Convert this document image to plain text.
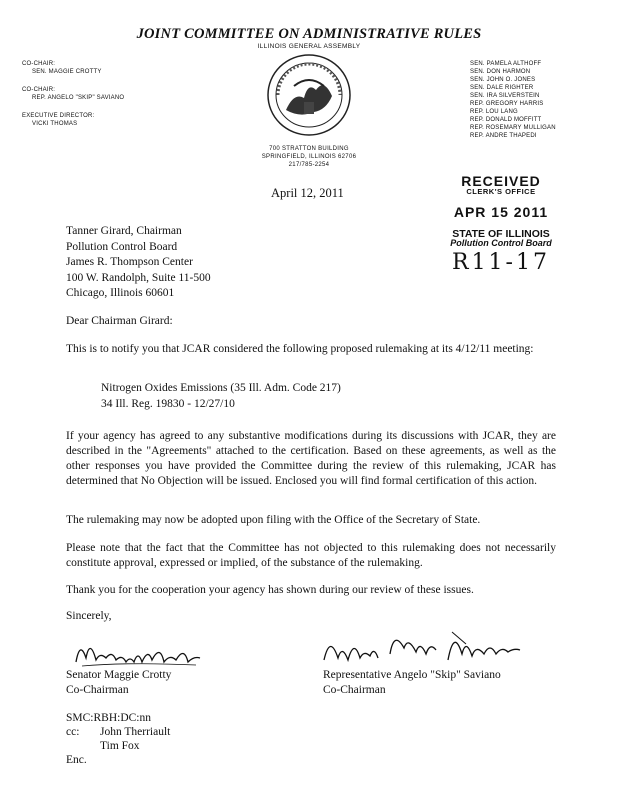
JOINT COMMITTEE ON ADMINISTRATIVE RULES
ILLINOIS GENERAL ASSEMBLY
CO-CHAIR:
SEN. MAGGIE CROTTY
CO-CHAIR:
REP. ANGELO "SKIP" SAVIANO
EXECUTIVE DIRECTOR:
VICKI THOMAS
SEN. PAMELA ALTHOFF
SEN. DON HARMON
SEN. JOHN O. JONES
SEN. DALE RIGHTER
SEN. IRA SILVERSTEIN
REP. GREGORY HARRIS
REP. LOU LANG
REP. DONALD MOFFITT
REP. ROSEMARY MULLIGAN
REP. ANDRE THAPEDI
700 STRATTON BUILDING
SPRINGFIELD, ILLINOIS 62706
217/785-2254
April 12, 2011
RECEIVED
CLERK'S OFFICE
APR 15 2011
STATE OF ILLINOIS
Pollution Control Board
R11-17
Tanner Girard, Chairman
Pollution Control Board
James R. Thompson Center
100 W. Randolph, Suite 11-500
Chicago, Illinois 60601
Dear Chairman Girard:

This is to notify you that JCAR considered the following proposed rulemaking at its 4/12/11 meeting:

Nitrogen Oxides Emissions (35 Ill. Adm. Code 217)
34 Ill. Reg. 19830 - 12/27/10

If your agency has agreed to any substantive modifications during its discussions with JCAR, they are described in the "Agreements" attached to the certification. Based on these agreements, as well as the other responses you have provided the Committee during the review of this rulemaking, JCAR has determined that No Objection will be issued. Enclosed you will find formal certification of this action.

The rulemaking may now be adopted upon filing with the Office of the Secretary of State.

Please note that the fact that the Committee has not objected to this rulemaking does not necessarily constitute approval, expressed or implied, of the substance of the rulemaking.

Thank you for the cooperation your agency has shown during our review of these issues.

Sincerely,
Senator Maggie Crotty
Co-Chairman
Representative Angelo "Skip" Saviano
Co-Chairman
SMC:RBH:DC:nn
cc: John Therriault
Tim Fox
Enc.
